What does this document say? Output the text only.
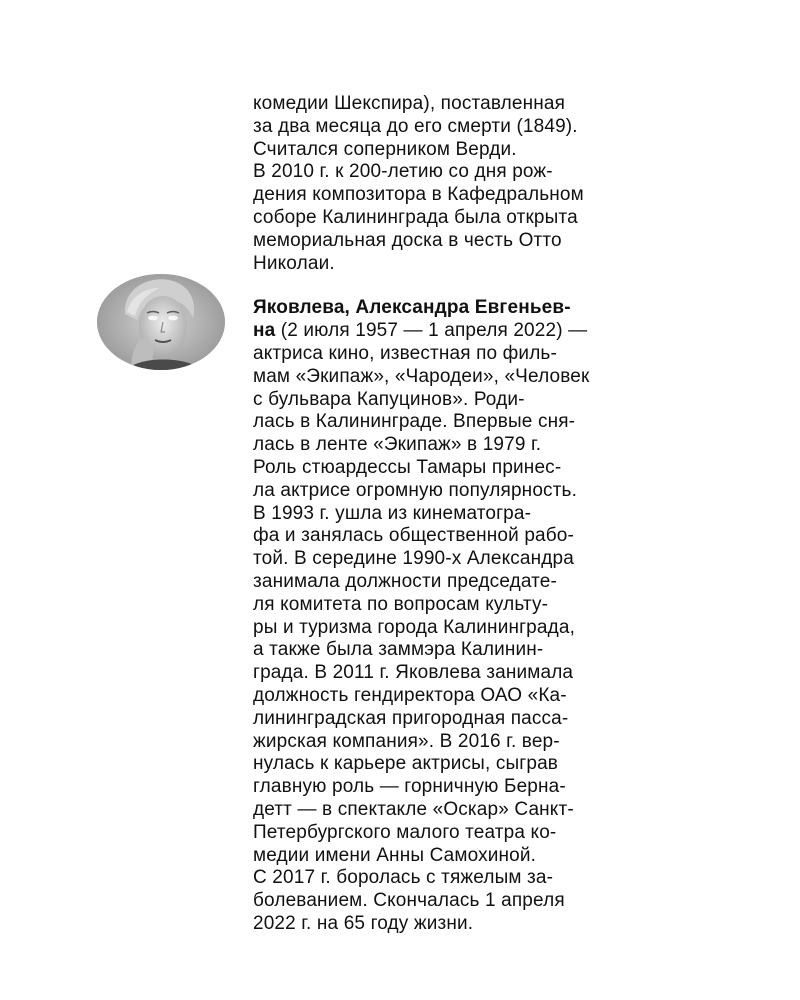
комедии Шекспира), поставленная
за два месяца до его смерти (1849).
Считался соперником Верди.
В 2010 г. к 200-летию со дня рож-
дения композитора в Кафедральном
соборе Калининграда была открыта
мемориальная доска в честь Отто
Николаи.
Яковлева, Александра Евгеньев-
на (2 июля 1957 — 1 апреля 2022) —
актриса кино, известная по филь-
мам «Экипаж», «Чародеи», «Человек
с бульвара Капуцинов». Роди-
лась в Калининграде. Впервые сня-
лась в ленте «Экипаж» в 1979 г.
Роль стюардессы Тамары принес-
ла актрисе огромную популярность.
В 1993 г. ушла из кинематогра-
фа и занялась общественной рабо-
той. В середине 1990-х Александра
занимала должности председате-
ля комитета по вопросам культу-
ры и туризма города Калининграда,
а также была заммэра Калинин-
града. В 2011 г. Яковлева занимала
должность гендиректора ОАО «Ка-
лининградская пригородная пасса-
жирская компания». В 2016 г. вер-
нулась к карьере актрисы, сыграв
главную роль — горничную Берна-
детт — в спектакле «Оскар» Санкт-
Петербургского малого театра ко-
медии имени Анны Самохиной.
С 2017 г. боролась с тяжелым за-
болеванием. Скончалась 1 апреля
2022 г. на 65 году жизни.
